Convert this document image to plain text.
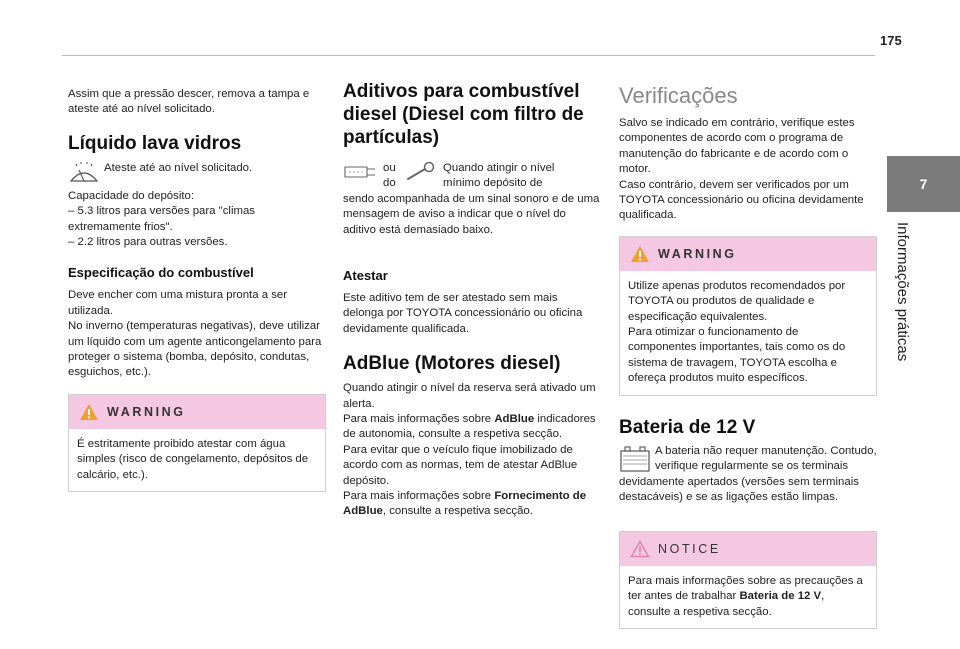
175
7
Informações práticas

Assim que a pressão descer, remova a tampa e ateste até ao nível solicitado.

Líquido lava vidros

Ateste até ao nível solicitado.

Capacidade do depósito:

– 5.3 litros para versões para "climas extremamente frios".

– 2.2 litros para outras versões.

Especificação do combustível

Deve encher com uma mistura pronta a ser utilizada.

No inverno (temperaturas negativas), deve utilizar um líquido com um agente anticongelamento para proteger o sistema (bomba, depósito, condutas, esguichos, etc.).

WARNING

É estritamente proibido atestar com água simples (risco de congelamento, depósitos de calcário, etc.).

Aditivos para combustível diesel (Diesel com filtro de partículas)

ou do

Quando atingir o nível mínimo depósito de

sendo acompanhada de um sinal sonoro e de uma mensagem de aviso a indicar que o nível do aditivo está demasiado baixo.

Atestar

Este aditivo tem de ser atestado sem mais delonga por TOYOTA concessionário ou oficina devidamente qualificada.

AdBlue (Motores diesel)

Quando atingir o nível da reserva será ativado um alerta.

Para mais informações sobre AdBlue indicadores de autonomia, consulte a respetiva secção.

Para evitar que o veículo fique imobilizado de acordo com as normas, tem de atestar AdBlue depósito.

Para mais informações sobre Fornecimento de AdBlue, consulte a respetiva secção.

Verificações

Salvo se indicado em contrário, verifique estes componentes de acordo com o programa de manutenção do fabricante e de acordo com o motor.

Caso contrário, devem ser verificados por um TOYOTA concessionário ou oficina devidamente qualificada.

WARNING

Utilize apenas produtos recomendados por TOYOTA ou produtos de qualidade e especificação equivalentes.

Para otimizar o funcionamento de componentes importantes, tais como os do sistema de travagem, TOYOTA escolha e ofereça produtos muito específicos.

Bateria de 12 V

A bateria não requer manutenção. Contudo, verifique regularmente se os terminais

devidamente apertados (versões sem terminais destacáveis) e se as ligações estão limpas.

NOTICE

Para mais informações sobre as precauções a ter antes de trabalhar Bateria de 12 V, consulte a respetiva secção.
